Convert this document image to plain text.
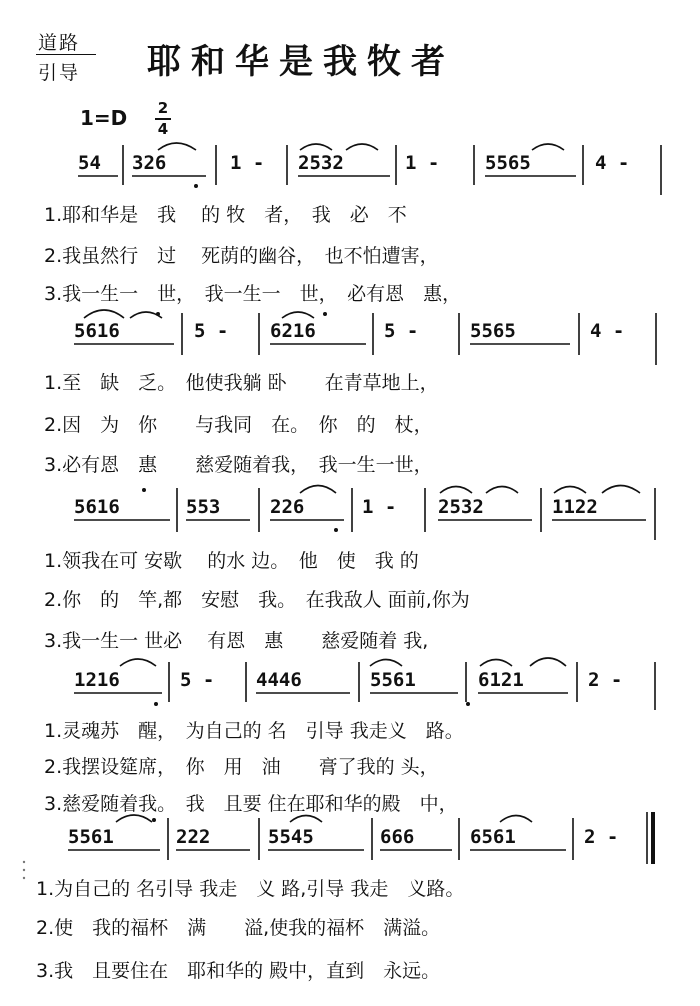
道路
引导 耶和华是我牧者
1=D 2
4
54 326	1 - 2532	1 - 5565	4 -
1.耶和华是　我　 的 牧　者，　我　必　不
2.我虽然行　过　 死荫的幽谷，　也不怕遭害，
3.我一生一　世，　我一生一　世，　必有恩　惠，
5616	5 - 6216	5 -	5565	4 -
1.至　缺　乏。　他使我躺 卧　　在青草地上，
2.因　为　你　　与我同　在。　你　的　杖，
3.必有恩　惠　　慈爱随着我，　我一生一世，
5616	553	226	1 - 2532	1122
1.领我在可 安歇　 的水 边。　他　使　我 的
2.你　的　竿,都　安慰　我。　在我敌人 面前,你为
3.我一生一 世必　 有恩　惠　　慈爱随着 我,
1216	5 - 4446	5561	6121	2 -
1.灵魂苏　醒，　为自己的 名　引导 我走义　路。
2.我摆设筵席，　你　用　油　　膏了我的 头，
3.慈爱随着我。　我　且要 住在耶和华的殿　中，
5561	222	5545	666	6561	2 -
1.为自己的 名引导 我走　义 路,引导 我走　义路。
2.使　我的福杯　满　　溢,使我的福杯　满溢。
3.我　且要住在　耶和华的 殿中，直到　永远。
